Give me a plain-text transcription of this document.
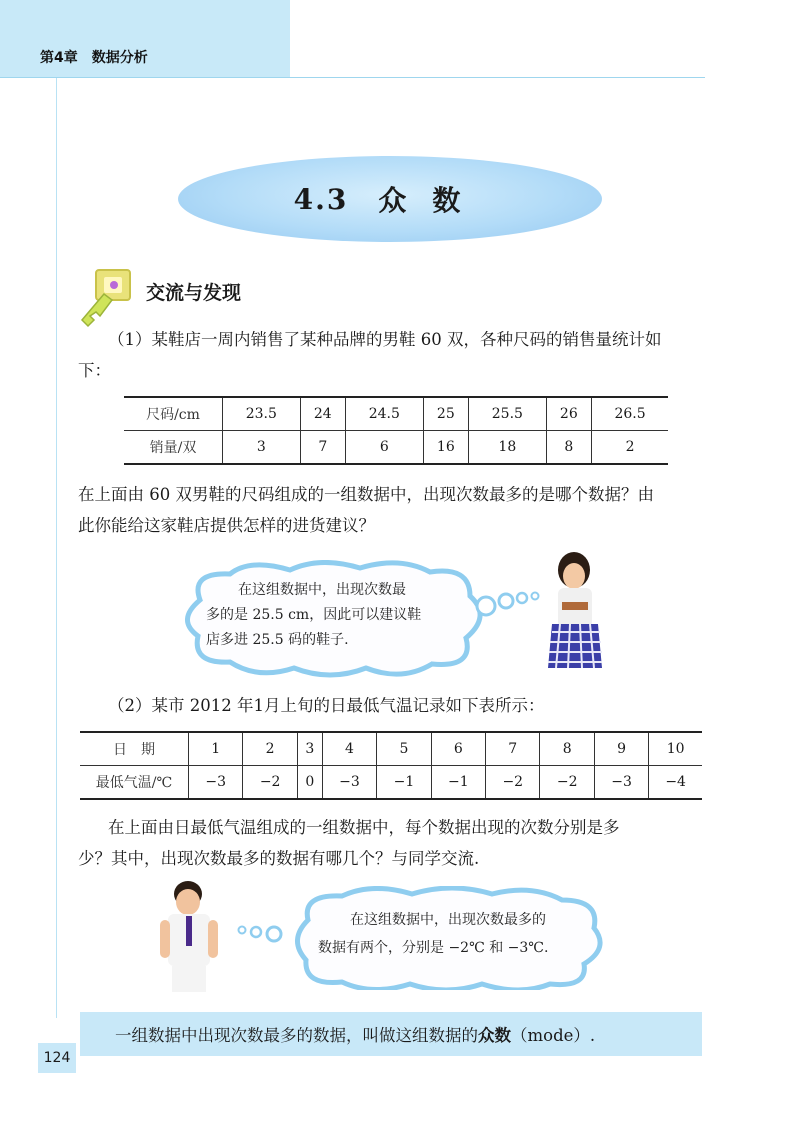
第4章　数据分析
4.3 众数
交流与发现
（1）某鞋店一周内销售了某种品牌的男鞋 60 双，各种尺码的销售量统计如
下：
尺码/cm	23.5	24	24.5	25	25.5	26	26.5
销量/双	3	7	6	16	18	8	2
在上面由 60 双男鞋的尺码组成的一组数据中，出现次数最多的是哪个数据？由
此你能给这家鞋店提供怎样的进货建议？
在这组数据中，出现次数最
多的是 25.5 cm，因此可以建议鞋
店多进 25.5 码的鞋子.
（2）某市 2012 年1月上旬的日最低气温记录如下表所示：
日　期	1	2	3	4	5	6	7	8	9	10
最低气温/℃	−3	−2	0	−3	−1	−1	−2	−2	−3	−4
在上面由日最低气温组成的一组数据中，每个数据出现的次数分别是多
少？其中，出现次数最多的数据有哪几个？与同学交流.
在这组数据中，出现次数最多的
数据有两个，分别是 −2℃ 和 −3℃.
一组数据中出现次数最多的数据，叫做这组数据的众数（mode）.
124
